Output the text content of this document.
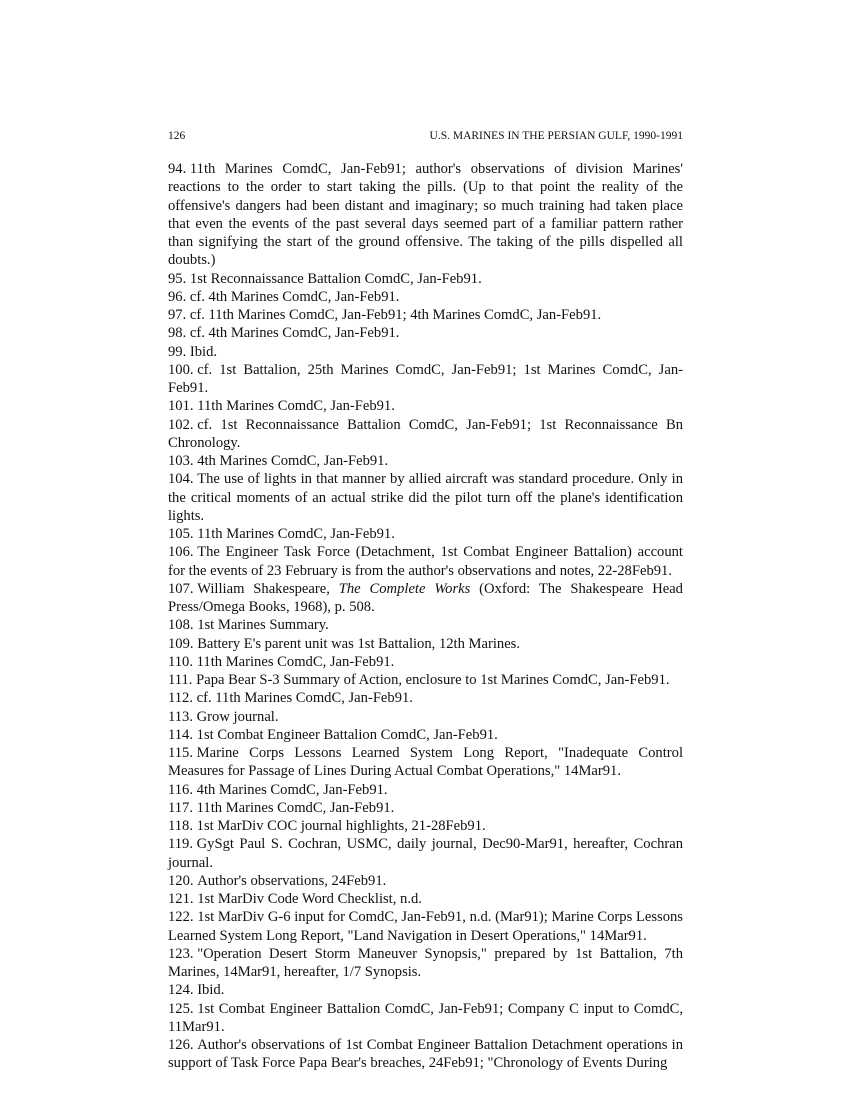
126	U.S. MARINES IN THE PERSIAN GULF, 1990-1991

94. 11th Marines ComdC, Jan-Feb91; author's observations of division Marines' reactions to the order to start taking the pills. (Up to that point the reality of the offensive's dangers had been distant and imaginary; so much training had taken place that even the events of the past several days seemed part of a familiar pattern rather than signifying the start of the ground offensive. The taking of the pills dispelled all doubts.)

95. 1st Reconnaissance Battalion ComdC, Jan-Feb91.

96. cf. 4th Marines ComdC, Jan-Feb91.

97. cf. 11th Marines ComdC, Jan-Feb91; 4th Marines ComdC, Jan-Feb91.

98. cf. 4th Marines ComdC, Jan-Feb91.

99. Ibid.

100. cf. 1st Battalion, 25th Marines ComdC, Jan-Feb91; 1st Marines ComdC, Jan-Feb91.

101. 11th Marines ComdC, Jan-Feb91.

102. cf. 1st Reconnaissance Battalion ComdC, Jan-Feb91; 1st Reconnaissance Bn Chronology.

103. 4th Marines ComdC, Jan-Feb91.

104. The use of lights in that manner by allied aircraft was standard procedure. Only in the critical moments of an actual strike did the pilot turn off the plane's identification lights.

105. 11th Marines ComdC, Jan-Feb91.

106. The Engineer Task Force (Detachment, 1st Combat Engineer Battalion) account for the events of 23 February is from the author's observations and notes, 22-28Feb91.

107. William Shakespeare, The Complete Works (Oxford: The Shakespeare Head Press/Omega Books, 1968), p. 508.

108. 1st Marines Summary.

109. Battery E's parent unit was 1st Battalion, 12th Marines.

110. 11th Marines ComdC, Jan-Feb91.

111. Papa Bear S-3 Summary of Action, enclosure to 1st Marines ComdC, Jan-Feb91.

112. cf. 11th Marines ComdC, Jan-Feb91.

113. Grow journal.

114. 1st Combat Engineer Battalion ComdC, Jan-Feb91.

115. Marine Corps Lessons Learned System Long Report, "Inadequate Control Measures for Passage of Lines During Actual Combat Operations," 14Mar91.

116. 4th Marines ComdC, Jan-Feb91.

117. 11th Marines ComdC, Jan-Feb91.

118. 1st MarDiv COC journal highlights, 21-28Feb91.

119. GySgt Paul S. Cochran, USMC, daily journal, Dec90-Mar91, hereafter, Cochran journal.

120. Author's observations, 24Feb91.

121. 1st MarDiv Code Word Checklist, n.d.

122. 1st MarDiv G-6 input for ComdC, Jan-Feb91, n.d. (Mar91); Marine Corps Lessons Learned System Long Report, "Land Navigation in Desert Operations," 14Mar91.

123. "Operation Desert Storm Maneuver Synopsis," prepared by 1st Battalion, 7th Marines, 14Mar91, hereafter, 1/7 Synopsis.

124. Ibid.

125. 1st Combat Engineer Battalion ComdC, Jan-Feb91; Company C input to ComdC, 11Mar91.

126. Author's observations of 1st Combat Engineer Battalion Detachment operations in support of Task Force Papa Bear's breaches, 24Feb91; "Chronology of Events During
